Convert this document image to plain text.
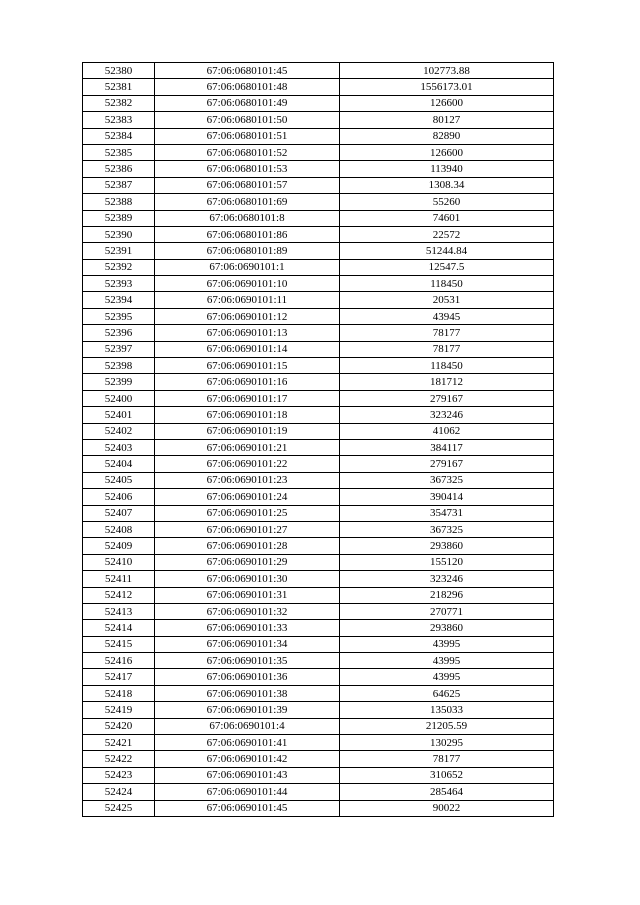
52380	67:06:0680101:45	102773.88
52381	67:06:0680101:48	1556173.01
52382	67:06:0680101:49	126600
52383	67:06:0680101:50	80127
52384	67:06:0680101:51	82890
52385	67:06:0680101:52	126600
52386	67:06:0680101:53	113940
52387	67:06:0680101:57	1308.34
52388	67:06:0680101:69	55260
52389	67:06:0680101:8	74601
52390	67:06:0680101:86	22572
52391	67:06:0680101:89	51244.84
52392	67:06:0690101:1	12547.5
52393	67:06:0690101:10	118450
52394	67:06:0690101:11	20531
52395	67:06:0690101:12	43945
52396	67:06:0690101:13	78177
52397	67:06:0690101:14	78177
52398	67:06:0690101:15	118450
52399	67:06:0690101:16	181712
52400	67:06:0690101:17	279167
52401	67:06:0690101:18	323246
52402	67:06:0690101:19	41062
52403	67:06:0690101:21	384117
52404	67:06:0690101:22	279167
52405	67:06:0690101:23	367325
52406	67:06:0690101:24	390414
52407	67:06:0690101:25	354731
52408	67:06:0690101:27	367325
52409	67:06:0690101:28	293860
52410	67:06:0690101:29	155120
52411	67:06:0690101:30	323246
52412	67:06:0690101:31	218296
52413	67:06:0690101:32	270771
52414	67:06:0690101:33	293860
52415	67:06:0690101:34	43995
52416	67:06:0690101:35	43995
52417	67:06:0690101:36	43995
52418	67:06:0690101:38	64625
52419	67:06:0690101:39	135033
52420	67:06:0690101:4	21205.59
52421	67:06:0690101:41	130295
52422	67:06:0690101:42	78177
52423	67:06:0690101:43	310652
52424	67:06:0690101:44	285464
52425	67:06:0690101:45	90022
